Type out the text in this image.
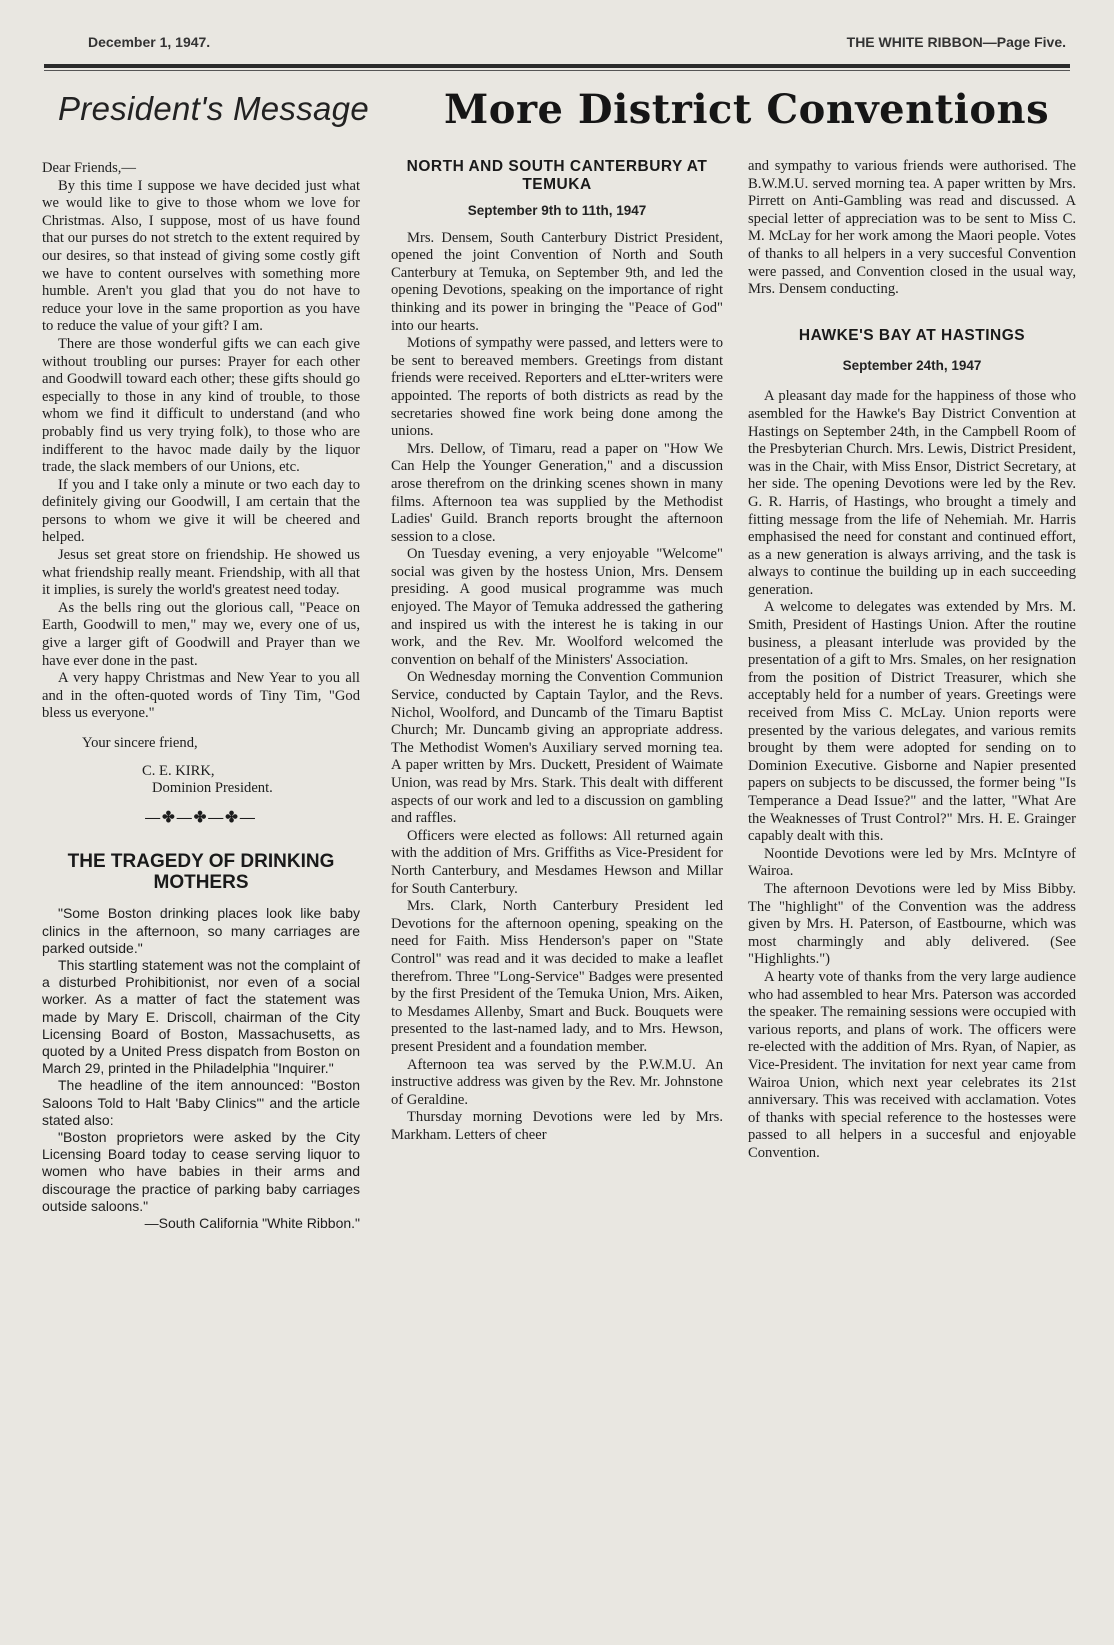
December 1, 1947.	THE WHITE RIBBON—Page Five.
President's Message More District Conventions

Dear Friends,—

By this time I suppose we have decided just what we would like to give to those whom we love for Christmas. Also, I suppose, most of us have found that our purses do not stretch to the extent required by our desires, so that instead of giving some costly gift we have to content ourselves with something more humble. Aren't you glad that you do not have to reduce your love in the same proportion as you have to reduce the value of your gift? I am.

There are those wonderful gifts we can each give without troubling our purses: Prayer for each other and Goodwill toward each other; these gifts should go especially to those in any kind of trouble, to those whom we find it difficult to understand (and who probably find us very trying folk), to those who are indifferent to the havoc made daily by the liquor trade, the slack members of our Unions, etc.

If you and I take only a minute or two each day to definitely giving our Goodwill, I am certain that the persons to whom we give it will be cheered and helped.

Jesus set great store on friendship. He showed us what friendship really meant. Friendship, with all that it implies, is surely the world's greatest need today.

As the bells ring out the glorious call, "Peace on Earth, Goodwill to men," may we, every one of us, give a larger gift of Goodwill and Prayer than we have ever done in the past.

A very happy Christmas and New Year to you all and in the often-quoted words of Tiny Tim, "God bless us everyone."

Your sincere friend,
C. E. KIRK,
Dominion President.
—✤—✤—✤—
THE TRAGEDY OF DRINKING MOTHERS

"Some Boston drinking places look like baby clinics in the afternoon, so many carriages are parked outside."

This startling statement was not the complaint of a disturbed Prohibitionist, nor even of a social worker. As a matter of fact the statement was made by Mary E. Driscoll, chairman of the City Licensing Board of Boston, Massachusetts, as quoted by a United Press dispatch from Boston on March 29, printed in the Philadelphia "Inquirer."

The headline of the item announced: "Boston Saloons Told to Halt 'Baby Clinics'" and the article stated also:

"Boston proprietors were asked by the City Licensing Board today to cease serving liquor to women who have babies in their arms and discourage the practice of parking baby carriages outside saloons."

—South California "White Ribbon."

NORTH AND SOUTH CANTERBURY AT TEMUKA
September 9th to 11th, 1947

Mrs. Densem, South Canterbury District President, opened the joint Convention of North and South Canterbury at Temuka, on September 9th, and led the opening Devotions, speaking on the importance of right thinking and its power in bringing the "Peace of God" into our hearts.

Motions of sympathy were passed, and letters were to be sent to bereaved members. Greetings from distant friends were received. Reporters and eLtter-writers were appointed. The reports of both districts as read by the secretaries showed fine work being done among the unions.

Mrs. Dellow, of Timaru, read a paper on "How We Can Help the Younger Generation," and a discussion arose therefrom on the drinking scenes shown in many films. Afternoon tea was supplied by the Methodist Ladies' Guild. Branch reports brought the afternoon session to a close.

On Tuesday evening, a very enjoyable "Welcome" social was given by the hostess Union, Mrs. Densem presiding. A good musical programme was much enjoyed. The Mayor of Temuka addressed the gathering and inspired us with the interest he is taking in our work, and the Rev. Mr. Woolford welcomed the convention on behalf of the Ministers' Association.

On Wednesday morning the Convention Communion Service, conducted by Captain Taylor, and the Revs. Nichol, Woolford, and Duncamb of the Timaru Baptist Church; Mr. Duncamb giving an appropriate address. The Methodist Women's Auxiliary served morning tea. A paper written by Mrs. Duckett, President of Waimate Union, was read by Mrs. Stark. This dealt with different aspects of our work and led to a discussion on gambling and raffles.

Officers were elected as follows: All returned again with the addition of Mrs. Griffiths as Vice-President for North Canterbury, and Mesdames Hewson and Millar for South Canterbury.

Mrs. Clark, North Canterbury President led Devotions for the afternoon opening, speaking on the need for Faith. Miss Henderson's paper on "State Control" was read and it was decided to make a leaflet therefrom. Three "Long-Service" Badges were presented by the first President of the Temuka Union, Mrs. Aiken, to Mesdames Allenby, Smart and Buck. Bouquets were presented to the last-named lady, and to Mrs. Hewson, present President and a foundation member.

Afternoon tea was served by the P.W.M.U. An instructive address was given by the Rev. Mr. Johnstone of Geraldine.

Thursday morning Devotions were led by Mrs. Markham. Letters of cheer

and sympathy to various friends were authorised. The B.W.M.U. served morning tea. A paper written by Mrs. Pirrett on Anti-Gambling was read and discussed. A special letter of appreciation was to be sent to Miss C. M. McLay for her work among the Maori people. Votes of thanks to all helpers in a very succesful Convention were passed, and Convention closed in the usual way, Mrs. Densem conducting.

HAWKE'S BAY AT HASTINGS
September 24th, 1947

A pleasant day made for the happiness of those who asembled for the Hawke's Bay District Convention at Hastings on September 24th, in the Campbell Room of the Presbyterian Church. Mrs. Lewis, District President, was in the Chair, with Miss Ensor, District Secretary, at her side. The opening Devotions were led by the Rev. G. R. Harris, of Hastings, who brought a timely and fitting message from the life of Nehemiah. Mr. Harris emphasised the need for constant and continued effort, as a new generation is always arriving, and the task is always to continue the building up in each succeeding generation.

A welcome to delegates was extended by Mrs. M. Smith, President of Hastings Union. After the routine business, a pleasant interlude was provided by the presentation of a gift to Mrs. Smales, on her resignation from the position of District Treasurer, which she acceptably held for a number of years. Greetings were received from Miss C. McLay. Union reports were presented by the various delegates, and various remits brought by them were adopted for sending on to Dominion Executive. Gisborne and Napier presented papers on subjects to be discussed, the former being "Is Temperance a Dead Issue?" and the latter, "What Are the Weaknesses of Trust Control?" Mrs. H. E. Grainger capably dealt with this.

Noontide Devotions were led by Mrs. McIntyre of Wairoa.

The afternoon Devotions were led by Miss Bibby. The "highlight" of the Convention was the address given by Mrs. H. Paterson, of Eastbourne, which was most charmingly and ably delivered. (See "Highlights.")

A hearty vote of thanks from the very large audience who had assembled to hear Mrs. Paterson was accorded the speaker. The remaining sessions were occupied with various reports, and plans of work. The officers were re-elected with the addition of Mrs. Ryan, of Napier, as Vice-President. The invitation for next year came from Wairoa Union, which next year celebrates its 21st anniversary. This was received with acclamation. Votes of thanks with special reference to the hostesses were passed to all helpers in a succesful and enjoyable Convention.
